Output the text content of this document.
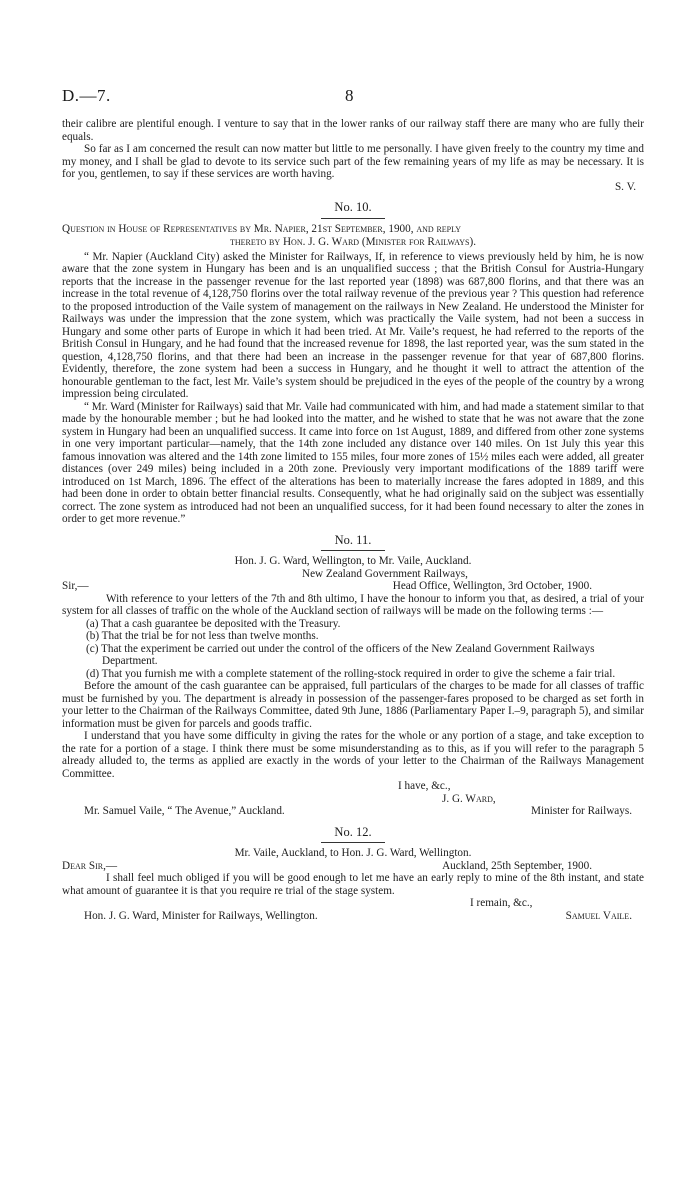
D.—7.	8

their calibre are plentiful enough. I venture to say that in the lower ranks of our railway staff there are many who are fully their equals.

So far as I am concerned the result can now matter but little to me personally. I have given freely to the country my time and my money, and I shall be glad to devote to its service such part of the few remaining years of my life as may be necessary. It is for you, gentlemen, to say if these services are worth having.

S. V.

No. 10.

Question in House of Representatives by Mr. Napier, 21st September, 1900, and reply

thereto by Hon. J. G. Ward (Minister for Railways).

“ Mr. Napier (Auckland City) asked the Minister for Railways, If, in reference to views previously held by him, he is now aware that the zone system in Hungary has been and is an unqualified success ; that the British Consul for Austria-Hungary reports that the increase in the passenger revenue for the last reported year (1898) was 687,800 florins, and that there was an increase in the total revenue of 4,128,750 florins over the total railway revenue of the previous year ? This question had reference to the proposed introduction of the Vaile system of management on the railways in New Zealand. He understood the Minister for Railways was under the impression that the zone system, which was practically the Vaile system, had not been a success in Hungary and some other parts of Europe in which it had been tried. At Mr. Vaile’s request, he had referred to the reports of the British Consul in Hungary, and he had found that the increased revenue for 1898, the last reported year, was the sum stated in the question, 4,128,750 florins, and that there had been an increase in the passenger revenue for that year of 687,800 florins. Evidently, therefore, the zone system had been a success in Hungary, and he thought it well to attract the attention of the honourable gentleman to the fact, lest Mr. Vaile’s system should be prejudiced in the eyes of the people of the country by a wrong impression being circulated.

“ Mr. Ward (Minister for Railways) said that Mr. Vaile had communicated with him, and had made a statement similar to that made by the honourable member ; but he had looked into the matter, and he wished to state that he was not aware that the zone system in Hungary had been an unqualified success. It came into force on 1st August, 1889, and differed from other zone systems in one very important particular—namely, that the 14th zone included any distance over 140 miles. On 1st July this year this famous innovation was altered and the 14th zone limited to 155 miles, four more zones of 15½ miles each were added, all greater distances (over 249 miles) being included in a 20th zone. Previously very important modifications of the 1889 tariff were introduced on 1st March, 1896. The effect of the alterations has been to materially increase the fares adopted in 1889, and this had been done in order to obtain better financial results. Consequently, what he had originally said on the subject was essentially correct. The zone system as introduced had not been an unqualified success, for it had been found necessary to alter the zones in order to get more revenue.”

No. 11.

Hon. J. G. Ward, Wellington, to Mr. Vaile, Auckland.

New Zealand Government Railways,

Sir,—	Head Office, Wellington, 3rd October, 1900.

With reference to your letters of the 7th and 8th ultimo, I have the honour to inform you that, as desired, a trial of your system for all classes of traffic on the whole of the Auckland section of railways will be made on the following terms :—

(a) That a cash guarantee be deposited with the Treasury.

(b) That the trial be for not less than twelve months.

(c) That the experiment be carried out under the control of the officers of the New Zealand Government Railways Department.

(d) That you furnish me with a complete statement of the rolling-stock required in order to give the scheme a fair trial.

Before the amount of the cash guarantee can be appraised, full particulars of the charges to be made for all classes of traffic must be furnished by you. The department is already in possession of the passenger-fares proposed to be charged as set forth in your letter to the Chairman of the Railways Committee, dated 9th June, 1886 (Parliamentary Paper I.–9, paragraph 5), and similar information must be given for parcels and goods traffic.

I understand that you have some difficulty in giving the rates for the whole or any portion of a stage, and take exception to the rate for a portion of a stage. I think there must be some misunderstanding as to this, as if you will refer to the paragraph 5 already alluded to, the terms as applied are exactly in the words of your letter to the Chairman of the Railways Management Committee.

I have, &c.,

J. G. Ward,

Mr. Samuel Vaile, “ The Avenue,” Auckland.	Minister for Railways.
No. 12.

Mr. Vaile, Auckland, to Hon. J. G. Ward, Wellington.

Dear Sir,—	Auckland, 25th September, 1900.

I shall feel much obliged if you will be good enough to let me have an early reply to mine of the 8th instant, and state what amount of guarantee it is that you require re trial of the stage system.

I remain, &c.,

Hon. J. G. Ward, Minister for Railways, Wellington.	Samuel Vaile.
